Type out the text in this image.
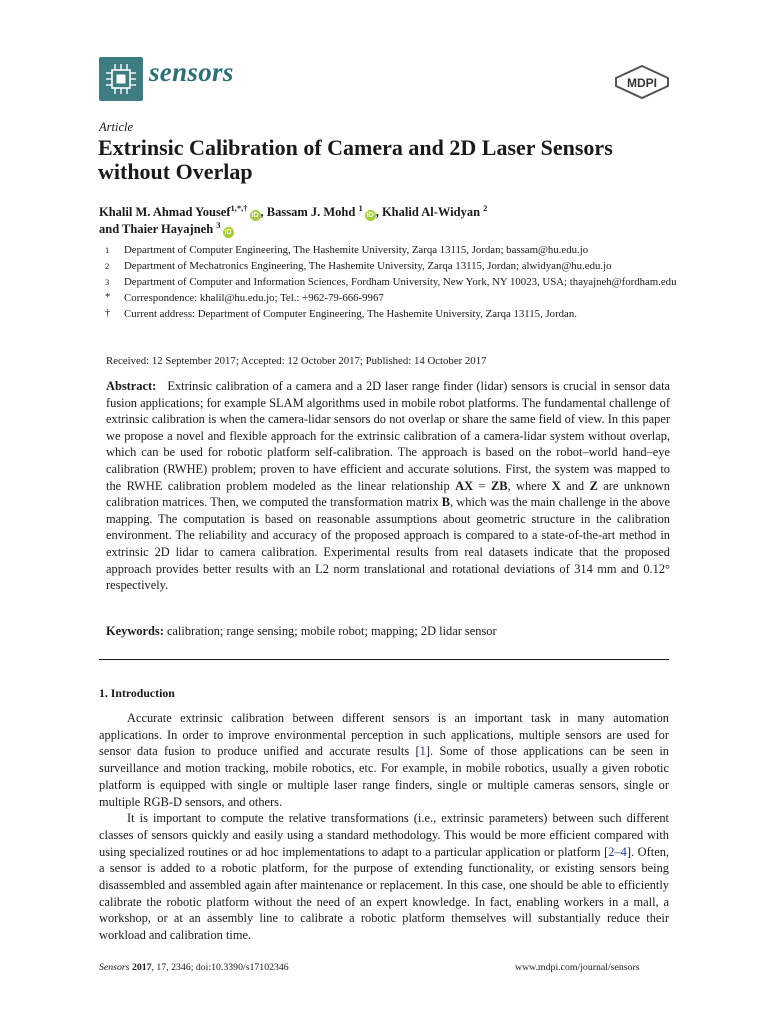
sensors	MDPI
Article
Extrinsic Calibration of Camera and 2D Laser Sensors without Overlap
Khalil M. Ahmad Yousef$^{1,*,\dagger}$iD , Bassam J. Mohd $^1$iD , Khalid Al-Widyan $^2$
and Thaier Hayajneh $^3$iD
1	Department of Computer Engineering, The Hashemite University, Zarqa 13115, Jordan; bassam@hu.edu.jo
2	Department of Mechatronics Engineering, The Hashemite University, Zarqa 13115, Jordan; alwidyan@hu.edu.jo
3	Department of Computer and Information Sciences, Fordham University, New York, NY 10023, USA; thayajneh@fordham.edu
*	Correspondence: khalil@hu.edu.jo; Tel.: +962-79-666-9967
†	Current address: Department of Computer Engineering, The Hashemite University, Zarqa 13115, Jordan.
Received: 12 September 2017; Accepted: 12 October 2017; Published: 14 October 2017
Abstract: Extrinsic calibration of a camera and a 2D laser range finder (lidar) sensors is crucial in sensor data fusion applications; for example SLAM algorithms used in mobile robot platforms. The fundamental challenge of extrinsic calibration is when the camera-lidar sensors do not overlap or share the same field of view. In this paper we propose a novel and flexible approach for the extrinsic calibration of a camera-lidar system without overlap, which can be used for robotic platform self-calibration. The approach is based on the robot–world hand–eye calibration (RWHE) problem; proven to have efficient and accurate solutions. First, the system was mapped to the RWHE calibration problem modeled as the linear relationship AX = ZB, where X and Z are unknown calibration matrices. Then, we computed the transformation matrix B, which was the main challenge in the above mapping. The computation is based on reasonable assumptions about geometric structure in the calibration environment. The reliability and accuracy of the proposed approach is compared to a state-of-the-art method in extrinsic 2D lidar to camera calibration. Experimental results from real datasets indicate that the proposed approach provides better results with an L2 norm translational and rotational deviations of 314 mm and 0.12° respectively.
Keywords: calibration; range sensing; mobile robot; mapping; 2D lidar sensor
1. Introduction

Accurate extrinsic calibration between different sensors is an important task in many automation applications. In order to improve environmental perception in such applications, multiple sensors are used for sensor data fusion to produce unified and accurate results [1]. Some of those applications can be seen in surveillance and motion tracking, mobile robotics, etc. For example, in mobile robotics, usually a given robotic platform is equipped with single or multiple laser range finders, single or multiple cameras sensors, single or multiple RGB-D sensors, and others.

It is important to compute the relative transformations (i.e., extrinsic parameters) between such different classes of sensors quickly and easily using a standard methodology. This would be more efficient compared with using specialized routines or ad hoc implementations to adapt to a particular application or platform [2–4]. Often, a sensor is added to a robotic platform, for the purpose of extending functionality, or existing sensors being disassembled and assembled again after maintenance or replacement. In this case, one should be able to efficiently calibrate the robotic platform without the need of an expert knowledge. In fact, enabling workers in a mall, a workshop, or at an assembly line to calibrate a robotic platform themselves will substantially reduce their workload and calibration time.

Sensors 2017, 17, 2346; doi:10.3390/s17102346	www.mdpi.com/journal/sensors
